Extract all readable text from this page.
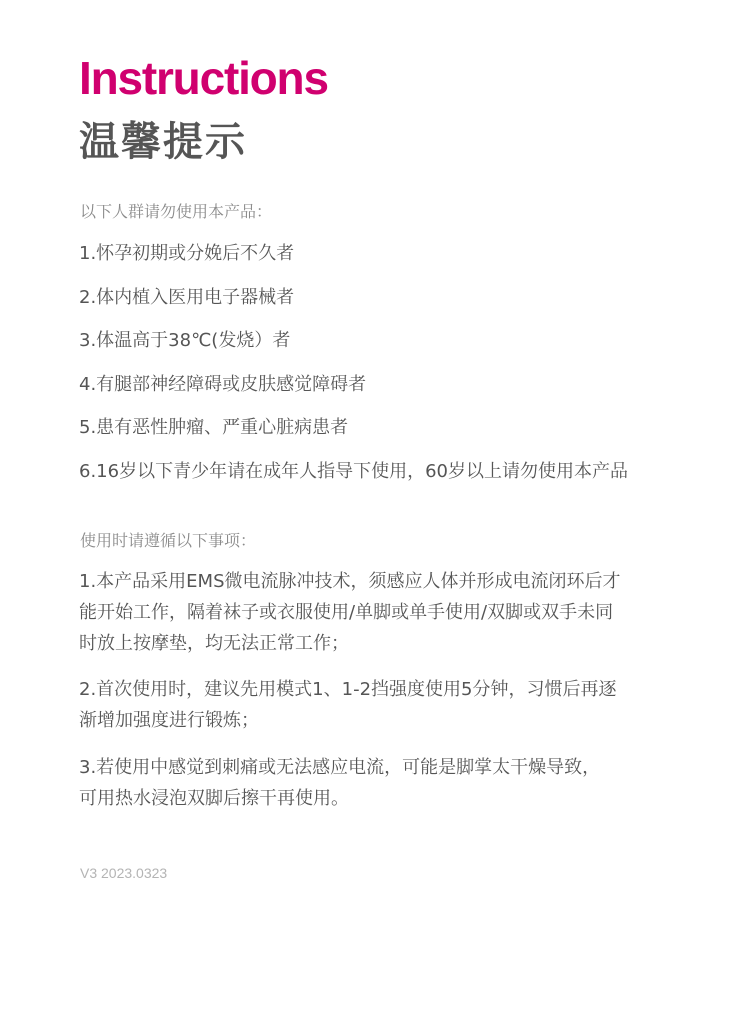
Instructions
温馨提示

以下人群请勿使用本产品：

1.怀孕初期或分娩后不久者
2.体内植入医用电子器械者
3.体温高于38℃(发烧）者
4.有腿部神经障碍或皮肤感觉障碍者
5.患有恶性肿瘤、严重心脏病患者
6.16岁以下青少年请在成年人指导下使用，60岁以上请勿使用本产品

使用时请遵循以下事项：

1.本产品采用EMS微电流脉冲技术，须感应人体并形成电流闭环后才
能开始工作，隔着袜子或衣服使用/单脚或单手使用/双脚或双手未同
时放上按摩垫，均无法正常工作；

2.首次使用时，建议先用模式1、1-2挡强度使用5分钟，习惯后再逐
渐增加强度进行锻炼；

3.若使用中感觉到刺痛或无法感应电流，可能是脚掌太干燥导致，
可用热水浸泡双脚后擦干再使用。

V3 2023.0323
